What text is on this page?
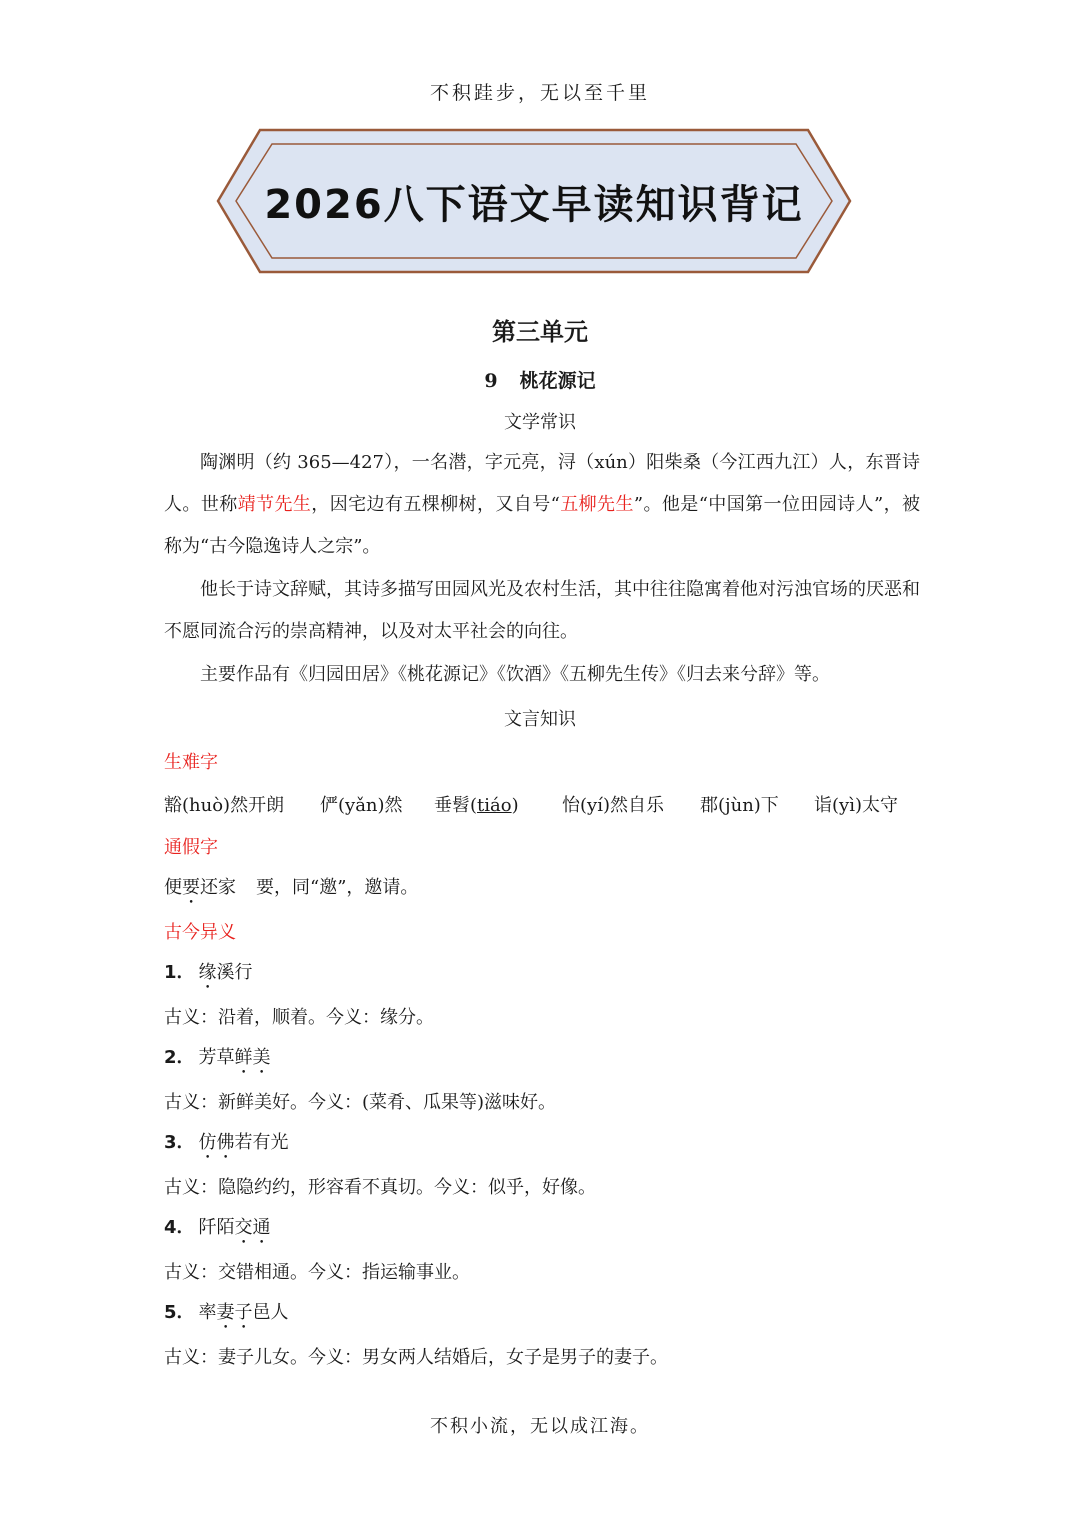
不积跬步，无以至千里
2026八下语文早读知识背记
第三单元
9 桃花源记
文学常识
陶渊明（约 365—427），一名潜，字元亮，浔（xún）阳柴桑（今江西九江）人，东晋诗人。世称靖节先生，因宅边有五棵柳树，又自号“五柳先生”。他是“中国第一位田园诗人”，被称为“古今隐逸诗人之宗”。
他长于诗文辞赋，其诗多描写田园风光及农村生活，其中往往隐寓着他对污浊官场的厌恶和不愿同流合污的崇高精神，以及对太平社会的向往。
主要作品有《归园田居》《桃花源记》《饮酒》《五柳先生传》《归去来兮辞》等。
文言知识
生难字
豁(huò)然开朗 俨(yǎn)然 垂髫(tiáo) 怡(yí)然自乐 郡(jùn)下 诣(yì)太守
通假字
便要还家 要，同“邀”，邀请。
古今异义
1． 缘溪行
古义：沿着，顺着。今义：缘分。
2． 芳草鲜美
古义：新鲜美好。今义：(菜肴、瓜果等)滋味好。
3． 仿佛若有光
古义：隐隐约约，形容看不真切。今义：似乎，好像。
4． 阡陌交通
古义：交错相通。今义：指运输事业。
5． 率妻子邑人
古义：妻子儿女。今义：男女两人结婚后，女子是男子的妻子。
不积小流，无以成江海。
